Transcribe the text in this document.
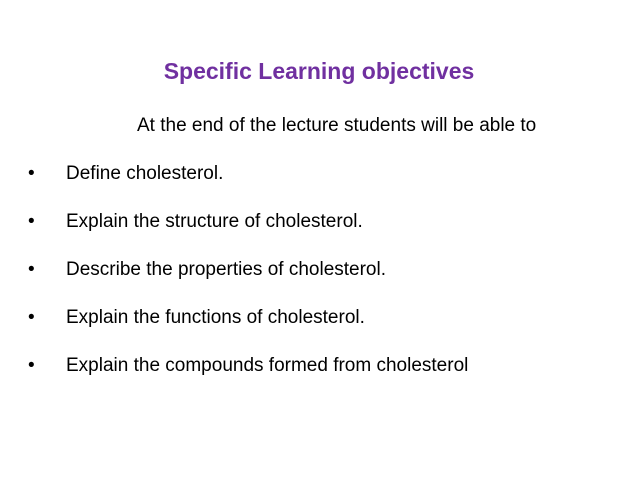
Specific Learning objectives
At the end of the lecture students will be able to
•	Define cholesterol.
•	Explain the structure of cholesterol.
•	Describe the properties of cholesterol.
•	Explain the functions of cholesterol.
•	Explain the compounds formed from cholesterol
